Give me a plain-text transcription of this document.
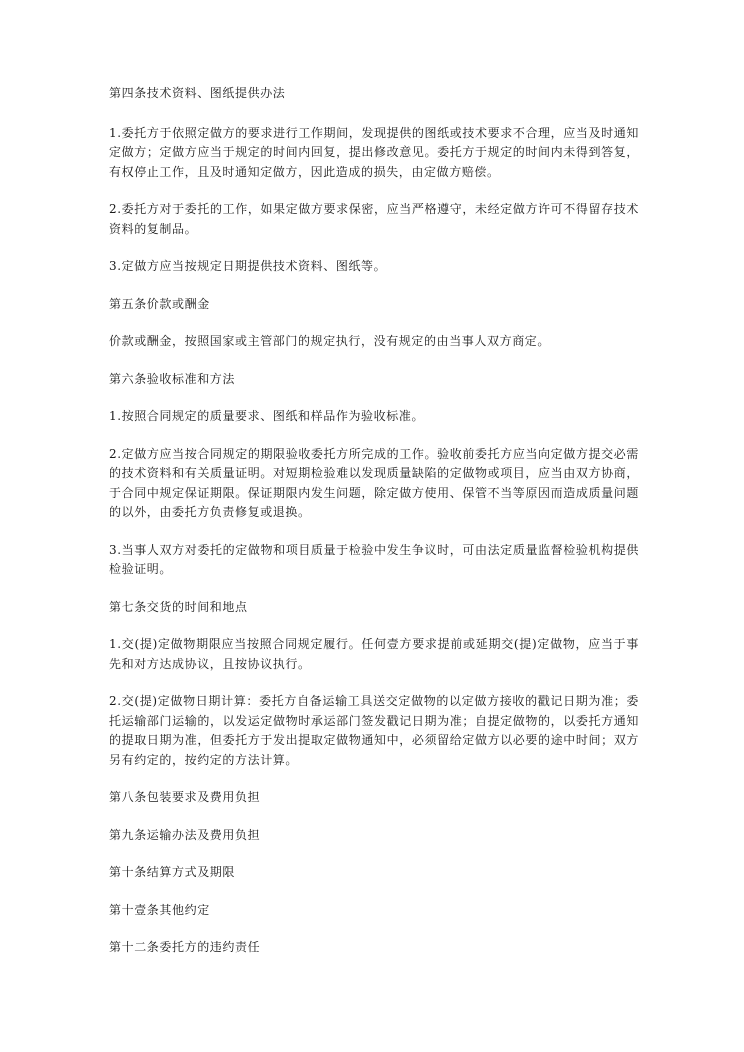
第四条技术资料、图纸提供办法

1.委托方于依照定做方的要求进行工作期间，发现提供的图纸或技术要求不合理，应当及时通知定做方；定做方应当于规定的时间内回复，提出修改意见。委托方于规定的时间内未得到答复，有权停止工作，且及时通知定做方，因此造成的损失，由定做方赔偿。

2.委托方对于委托的工作，如果定做方要求保密，应当严格遵守，未经定做方许可不得留存技术资料的复制品。

3.定做方应当按规定日期提供技术资料、图纸等。

第五条价款或酬金

价款或酬金，按照国家或主管部门的规定执行，没有规定的由当事人双方商定。

第六条验收标准和方法

1.按照合同规定的质量要求、图纸和样品作为验收标准。

2.定做方应当按合同规定的期限验收委托方所完成的工作。验收前委托方应当向定做方提交必需的技术资料和有关质量证明。对短期检验难以发现质量缺陷的定做物或项目，应当由双方协商，于合同中规定保证期限。保证期限内发生问题，除定做方使用、保管不当等原因而造成质量问题的以外，由委托方负责修复或退换。

3.当事人双方对委托的定做物和项目质量于检验中发生争议时，可由法定质量监督检验机构提供检验证明。

第七条交货的时间和地点

1.交(提)定做物期限应当按照合同规定履行。任何壹方要求提前或延期交(提)定做物，应当于事先和对方达成协议，且按协议执行。

2.交(提)定做物日期计算：委托方自备运输工具送交定做物的以定做方接收的戳记日期为准；委托运输部门运输的，以发运定做物时承运部门签发戳记日期为准；自提定做物的，以委托方通知的提取日期为准，但委托方于发出提取定做物通知中，必须留给定做方以必要的途中时间；双方另有约定的，按约定的方法计算。

第八条包装要求及费用负担

第九条运输办法及费用负担

第十条结算方式及期限

第十壹条其他约定

第十二条委托方的违约责任
